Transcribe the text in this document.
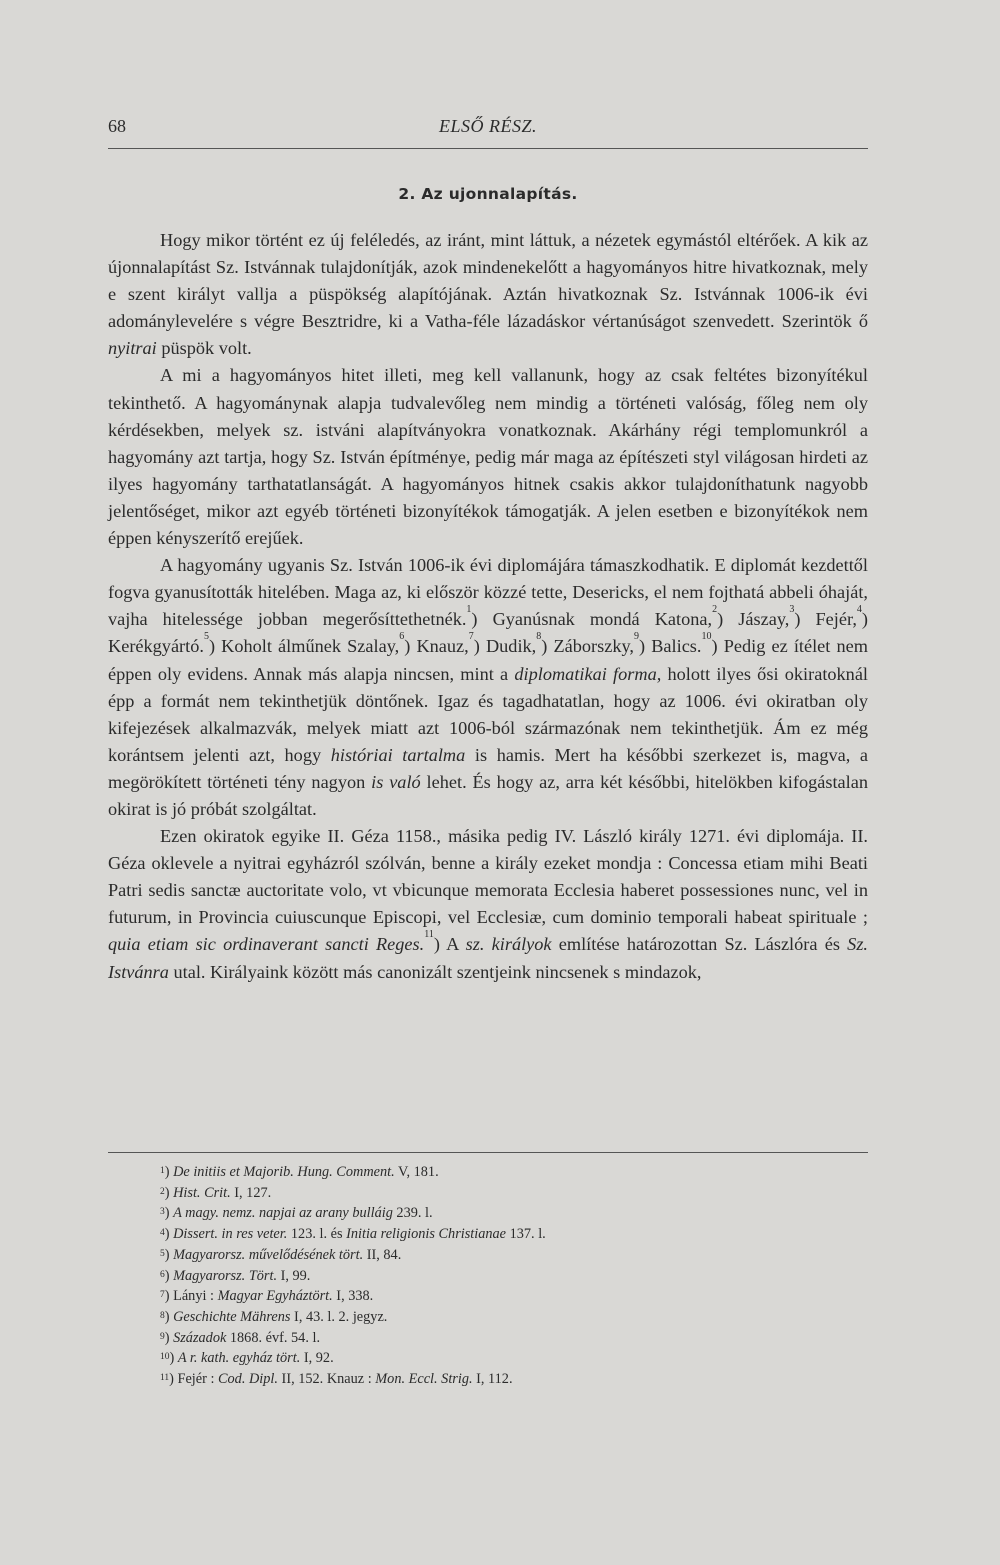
68	ELSŐ RÉSZ.
2. Az ujonnalapítás.

Hogy mikor történt ez új feléledés, az iránt, mint láttuk, a nézetek egymástól eltérőek. A kik az újonnalapítást Sz. Istvánnak tulajdonítják, azok mindenekelőtt a hagyományos hitre hivatkoznak, mely e szent királyt vallja a püspökség alapítójának. Aztán hivatkoznak Sz. Istvánnak 1006-ik évi adománylevelére s végre Besztridre, ki a Vatha-féle lázadáskor vértanúságot szenvedett. Szerintök ő nyitrai püspök volt.

A mi a hagyományos hitet illeti, meg kell vallanunk, hogy az csak feltétes bizonyítékul tekinthető. A hagyománynak alapja tudvalevőleg nem mindig a történeti valóság, főleg nem oly kérdésekben, melyek sz. istváni alapítványokra vonatkoznak. Akárhány régi templomunkról a hagyomány azt tartja, hogy Sz. István építménye, pedig már maga az építészeti styl világosan hirdeti az ilyes hagyomány tarthatatlanságát. A hagyományos hitnek csakis akkor tulajdoníthatunk nagyobb jelentőséget, mikor azt egyéb történeti bizonyítékok támogatják. A jelen esetben e bizonyítékok nem éppen kényszerítő erejűek.

A hagyomány ugyanis Sz. István 1006-ik évi diplomájára támaszkodhatik. E diplomát kezdettől fogva gyanusították hitelében. Maga az, ki először közzé tette, Desericks, el nem fojthatá abbeli óhaját, vajha hitelessége jobban megerősíttethetnék.$^1$) Gyanúsnak mondá Katona,$^2$) Jászay,$^3$) Fejér,$^4$) Kerékgyártó.$^5$) Koholt álműnek Szalay,$^6$) Knauz,$^7$) Dudik,$^8$) Záborszky,$^9$) Balics.$^{10}$) Pedig ez ítélet nem éppen oly evidens. Annak más alapja nincsen, mint a diplomatikai forma, holott ilyes ősi okiratoknál épp a formát nem tekinthetjük döntőnek. Igaz és tagadhatatlan, hogy az 1006. évi okiratban oly kifejezések alkalmazvák, melyek miatt azt 1006-ból származónak nem tekinthetjük. Ám ez még korántsem jelenti azt, hogy históriai tartalma is hamis. Mert ha későbbi szerkezet is, magva, a megörökített történeti tény nagyon is való lehet. És hogy az, arra két későbbi, hitelökben kifogástalan okirat is jó próbát szolgáltat.

Ezen okiratok egyike II. Géza 1158., másika pedig IV. László király 1271. évi diplomája. II. Géza oklevele a nyitrai egyházról szólván, benne a király ezeket mondja : Concessa etiam mihi Beati Patri sedis sanctæ auctoritate volo, vt vbicunque memorata Ecclesia haberet possessiones nunc, vel in futurum, in Provincia cuiuscunque Episcopi, vel Ecclesiæ, cum dominio temporali habeat spirituale ; quia etiam sic ordinaverant sancti Reges.$^{11}$) A sz. királyok említése határozottan Sz. Lászlóra és Sz. Istvánra utal. Királyaink között más canonizált szentjeink nincsenek s mindazok,

$^1$) De initiis et Majorib. Hung. Comment. V, 181.
$^2$) Hist. Crit. I, 127.
$^3$) A magy. nemz. napjai az arany bulláig 239. l.
$^4$) Dissert. in res veter. 123. l. és Initia religionis Christianae 137. l.
$^5$) Magyarorsz. művelődésének tört. II, 84.
$^6$) Magyarorsz. Tört. I, 99.
$^7$) Lányi : Magyar Egyháztört. I, 338.
$^8$) Geschichte Mährens I, 43. l. 2. jegyz.
$^9$) Századok 1868. évf. 54. l.
$^{10}$) A r. kath. egyház tört. I, 92.
$^{11}$) Fejér : Cod. Dipl. II, 152. Knauz : Mon. Eccl. Strig. I, 112.
